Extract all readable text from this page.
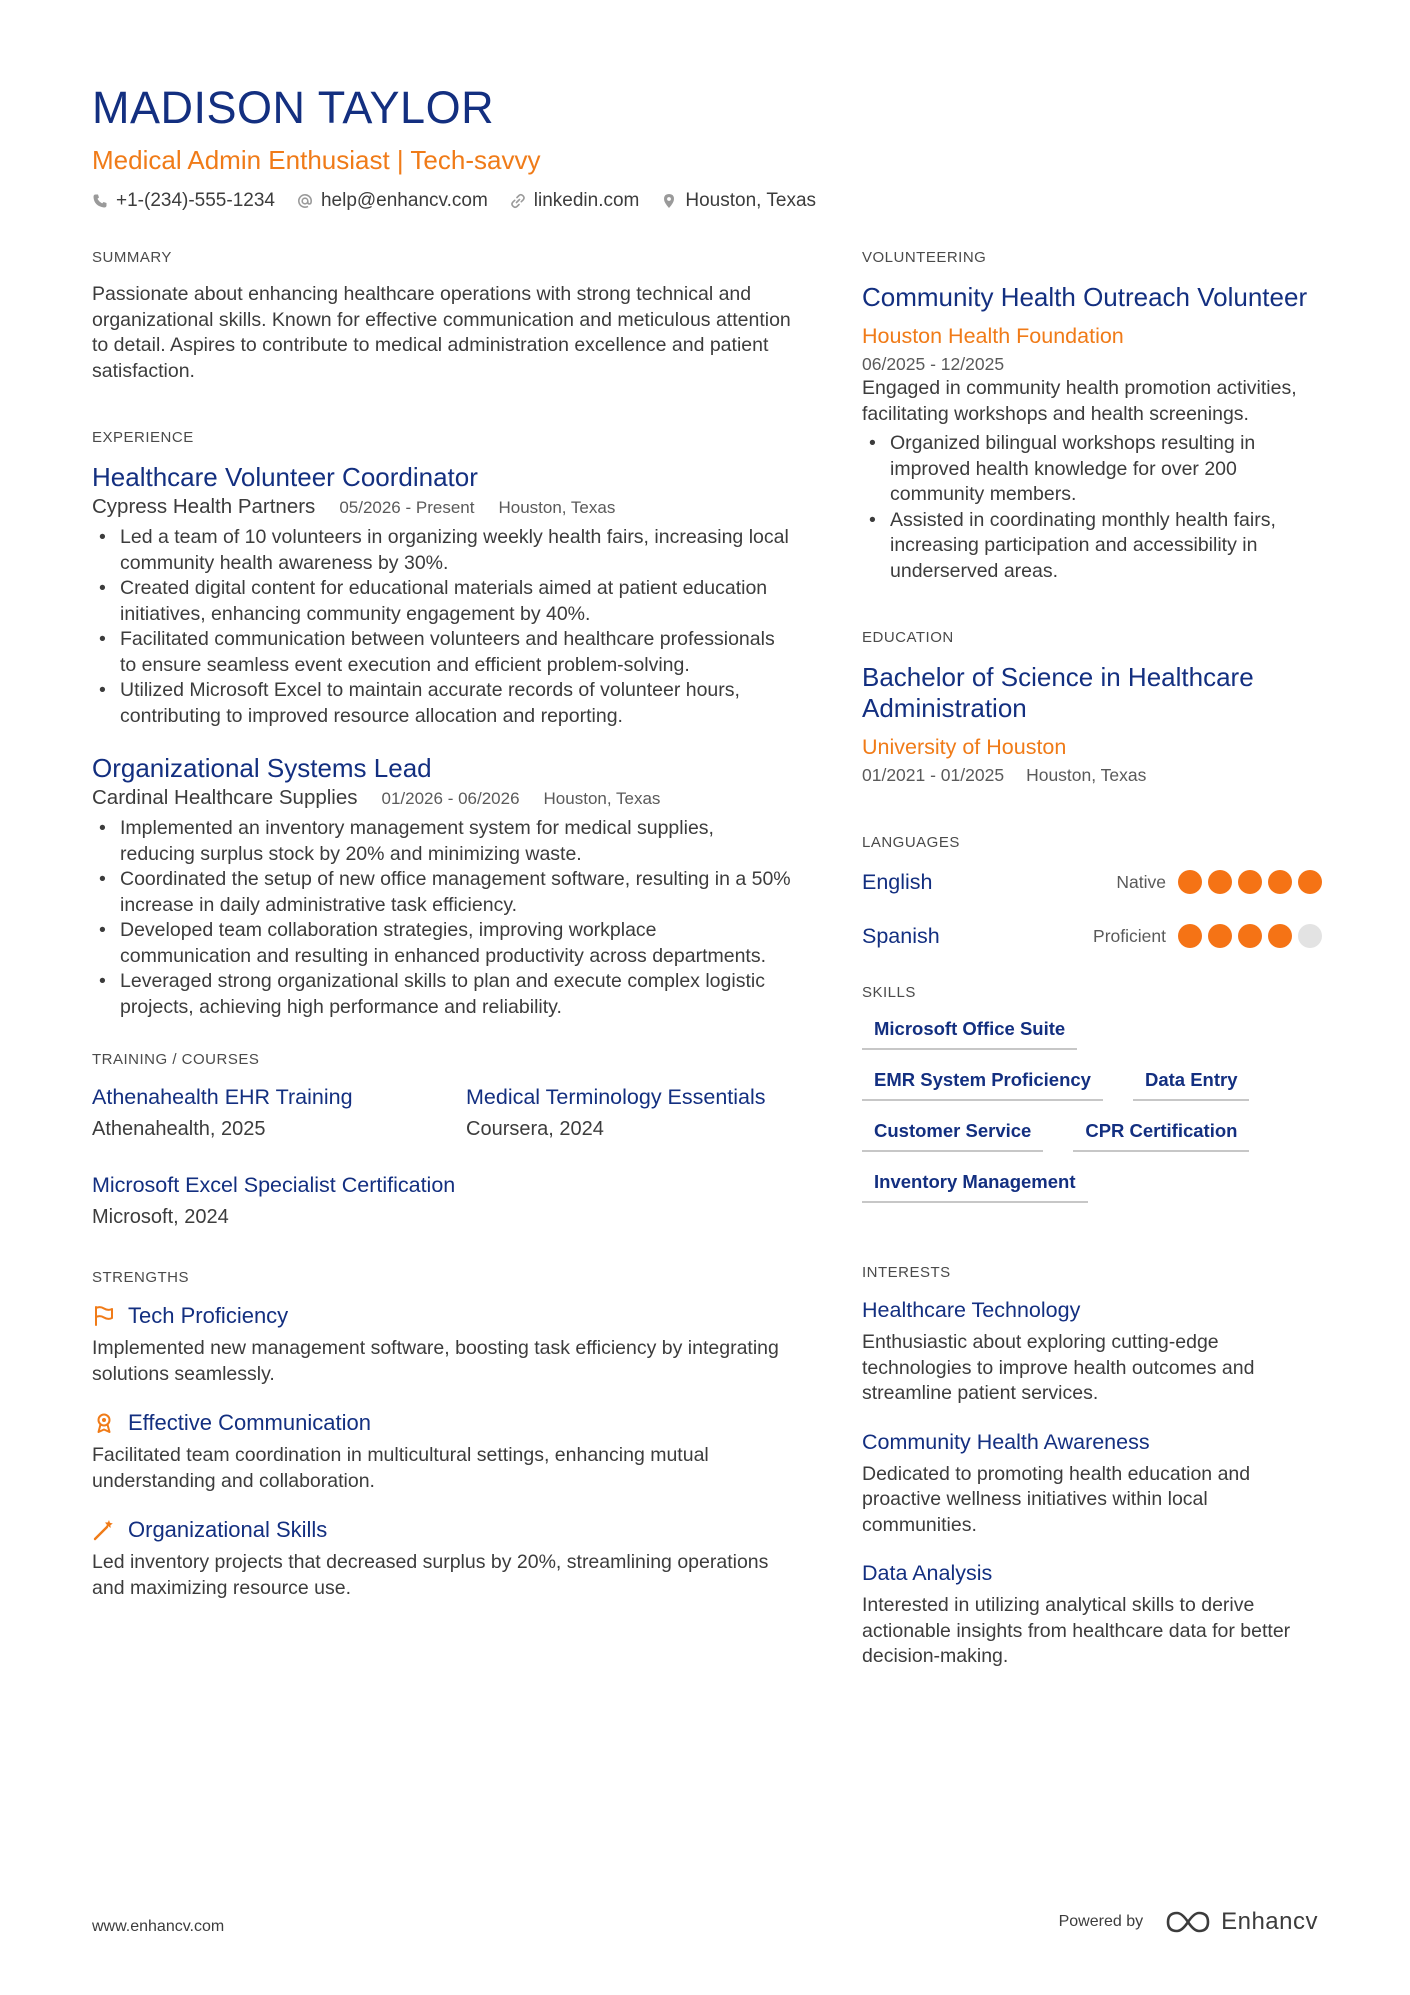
MADISON TAYLOR
Medical Admin Enthusiast | Tech-savvy
+1-(234)-555-1234 help@enhancv.com linkedin.com Houston, Texas
SUMMARY
Passionate about enhancing healthcare operations with strong technical and organizational skills. Known for effective communication and meticulous attention to detail. Aspires to contribute to medical administration excellence and patient satisfaction.
EXPERIENCE
Healthcare Volunteer Coordinator
Cypress Health Partners 05/2026 - Present Houston, Texas
• Led a team of 10 volunteers in organizing weekly health fairs, increasing local community health awareness by 30%.
• Created digital content for educational materials aimed at patient education initiatives, enhancing community engagement by 40%.
• Facilitated communication between volunteers and healthcare professionals to ensure seamless event execution and efficient problem-solving.
• Utilized Microsoft Excel to maintain accurate records of volunteer hours, contributing to improved resource allocation and reporting.
Organizational Systems Lead
Cardinal Healthcare Supplies 01/2026 - 06/2026 Houston, Texas
• Implemented an inventory management system for medical supplies, reducing surplus stock by 20% and minimizing waste.
• Coordinated the setup of new office management software, resulting in a 50% increase in daily administrative task efficiency.
• Developed team collaboration strategies, improving workplace communication and resulting in enhanced productivity across departments.
• Leveraged strong organizational skills to plan and execute complex logistic projects, achieving high performance and reliability.
TRAINING / COURSES
Athenahealth EHR Training
Athenahealth, 2025
Medical Terminology Essentials
Coursera, 2024
Microsoft Excel Specialist Certification
Microsoft, 2024
STRENGTHS
Tech Proficiency
Implemented new management software, boosting task efficiency by integrating solutions seamlessly.
Effective Communication
Facilitated team coordination in multicultural settings, enhancing mutual understanding and collaboration.
Organizational Skills
Led inventory projects that decreased surplus by 20%, streamlining operations and maximizing resource use.
VOLUNTEERING
Community Health Outreach Volunteer
Houston Health Foundation
06/2025 - 12/2025
Engaged in community health promotion activities, facilitating workshops and health screenings.
• Organized bilingual workshops resulting in improved health knowledge for over 200 community members.
• Assisted in coordinating monthly health fairs, increasing participation and accessibility in underserved areas.
EDUCATION
Bachelor of Science in Healthcare Administration
University of Houston
01/2021 - 01/2025 Houston, Texas
LANGUAGES
English	Native
Spanish	Proficient
SKILLS
Microsoft Office Suite
EMR System Proficiency	Data Entry
Customer Service	CPR Certification
Inventory Management
INTERESTS
Healthcare Technology
Enthusiastic about exploring cutting-edge technologies to improve health outcomes and streamline patient services.
Community Health Awareness
Dedicated to promoting health education and proactive wellness initiatives within local communities.
Data Analysis
Interested in utilizing analytical skills to derive actionable insights from healthcare data for better decision-making.
www.enhancv.com	Powered by	Enhancv
